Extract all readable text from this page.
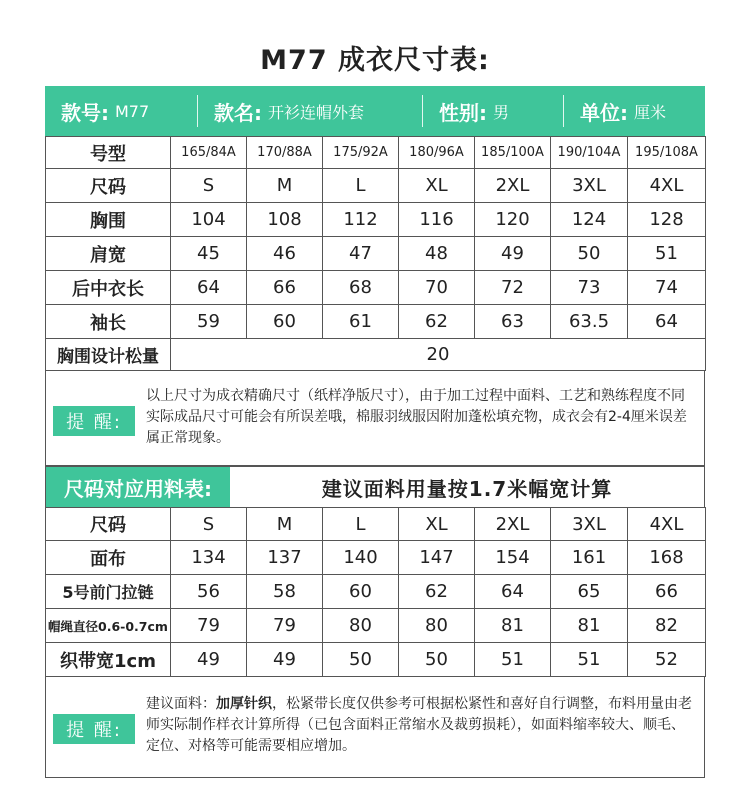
M77 成衣尺寸表:
款号: M77	款名: 开衫连帽外套	性别: 男	单位: 厘米
号型	165/84A	170/88A	175/92A	180/96A	185/100A	190/104A	195/108A
尺码	S	M	L	XL	2XL	3XL	4XL
胸围	104	108	112	116	120	124	128
肩宽	45	46	47	48	49	50	51
后中衣长	64	66	68	70	72	73	74
袖长	59	60	61	62	63	63.5	64
胸围设计松量	20						
提 醒:
以上尺寸为成衣精确尺寸（纸样净版尺寸），由于加工过程中面料、工艺和熟练程度不同实际成品尺寸可能会有所误差哦，棉服羽绒服因附加蓬松填充物，成衣会有2-4厘米误差属正常现象。
尺码对应用料表:	建议面料用量按1.7米幅宽计算
尺码	S	M	L	XL	2XL	3XL	4XL
面布	134	137	140	147	154	161	168
5号前门拉链	56	58	60	62	64	65	66
帽绳直径0.6-0.7cm	79	79	80	80	81	81	82
织带宽1cm	49	49	50	50	51	51	52
提 醒:
建议面料：加厚针织，松紧带长度仅供参考可根据松紧性和喜好自行调整，布料用量由老师实际制作样衣计算所得（已包含面料正常缩水及裁剪损耗），如面料缩率较大、顺毛、定位、对格等可能需要相应增加。
